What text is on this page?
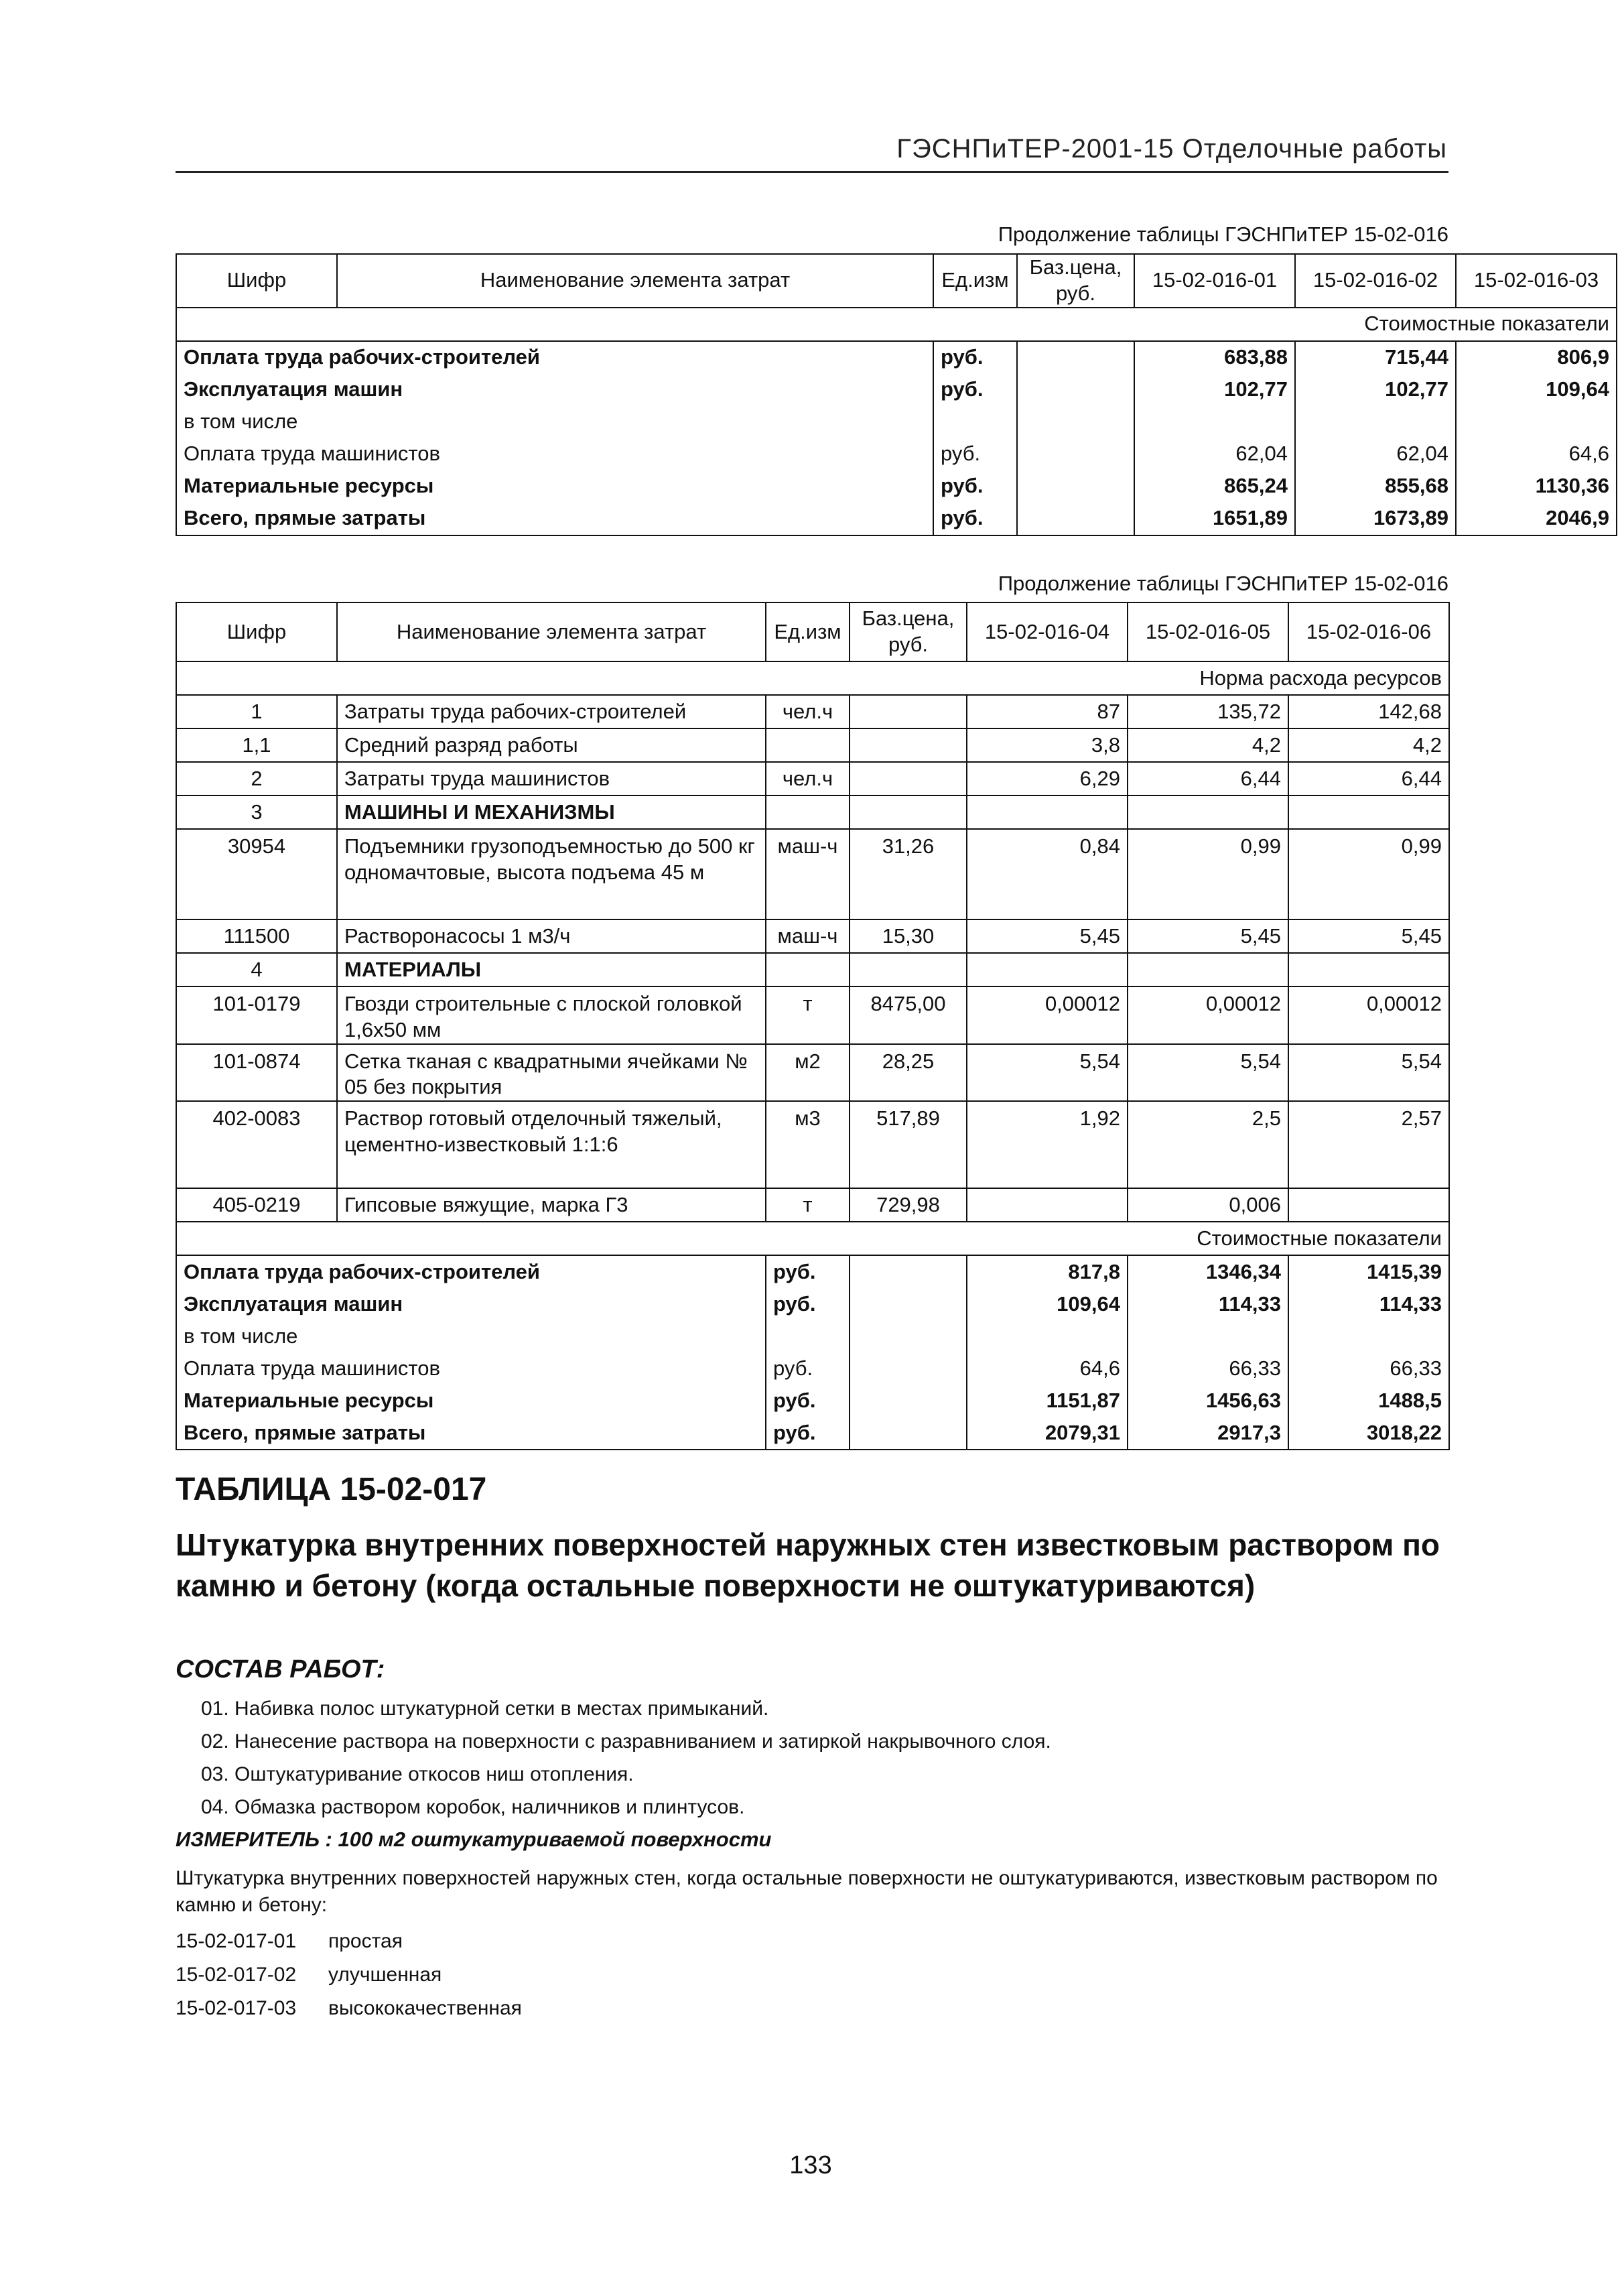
ГЭСНПиТЕР-2001-15 Отделочные работы
Продолжение таблицы ГЭСНПиТЕР 15-02-016
Шифр	Наименование элемента затрат	Ед.изм	Баз.цена, руб.	15-02-016-01	15-02-016-02	15-02-016-03
Стоимостные показатели						
Оплата труда рабочих-строителей		руб.		683,88	715,44	806,9
Эксплуатация машин		руб.		102,77	102,77	109,64
в том числе						
Оплата труда машинистов		руб.		62,04	62,04	64,6
Материальные ресурсы		руб.		865,24	855,68	1130,36
Всего, прямые затраты		руб.		1651,89	1673,89	2046,9
Продолжение таблицы ГЭСНПиТЕР 15-02-016
Шифр	Наименование элемента затрат	Ед.изм	Баз.цена, руб.	15-02-016-04	15-02-016-05	15-02-016-06
Норма расхода ресурсов						
1	Затраты труда рабочих-строителей	чел.ч		87	135,72	142,68
1,1	Средний разряд работы			3,8	4,2	4,2
2	Затраты труда машинистов	чел.ч		6,29	6,44	6,44
3	МАШИНЫ И МЕХАНИЗМЫ					
30954	Подъемники грузоподъемностью до 500 кг одномачтовые, высота подъема 45 м	маш-ч	31,26	0,84	0,99	0,99
111500	Растворонасосы 1 м3/ч	маш-ч	15,30	5,45	5,45	5,45
4	МАТЕРИАЛЫ					
101-0179	Гвозди строительные с плоской головкой 1,6x50 мм	т	8475,00	0,00012	0,00012	0,00012
101-0874	Сетка тканая с квадратными ячейками № 05 без покрытия	м2	28,25	5,54	5,54	5,54
402-0083	Раствор готовый отделочный тяжелый, цементно-известковый 1:1:6	м3	517,89	1,92	2,5	2,57
405-0219	Гипсовые вяжущие, марка Г3	т	729,98		0,006	
Стоимостные показатели						
Оплата труда рабочих-строителей		руб.		817,8	1346,34	1415,39
Эксплуатация машин		руб.		109,64	114,33	114,33
в том числе						
Оплата труда машинистов		руб.		64,6	66,33	66,33
Материальные ресурсы		руб.		1151,87	1456,63	1488,5
Всего, прямые затраты		руб.		2079,31	2917,3	3018,22
ТАБЛИЦА 15-02-017
Штукатурка внутренних поверхностей наружных стен известковым раствором по камню и бетону (когда остальные поверхности не оштукатуриваются)
СОСТАВ РАБОТ:
01. Набивка полос штукатурной сетки в местах примыканий.
02. Нанесение раствора на поверхности с разравниванием и затиркой накрывочного слоя.
03. Оштукатуривание откосов ниш отопления.
04. Обмазка раствором коробок, наличников и плинтусов.
ИЗМЕРИТЕЛЬ : 100 м2 оштукатуриваемой поверхности
Штукатурка внутренних поверхностей наружных стен, когда остальные поверхности не оштукатуриваются, известковым раствором по камню и бетону:
15-02-017-01	простая
15-02-017-02	улучшенная
15-02-017-03	высококачественная
133
